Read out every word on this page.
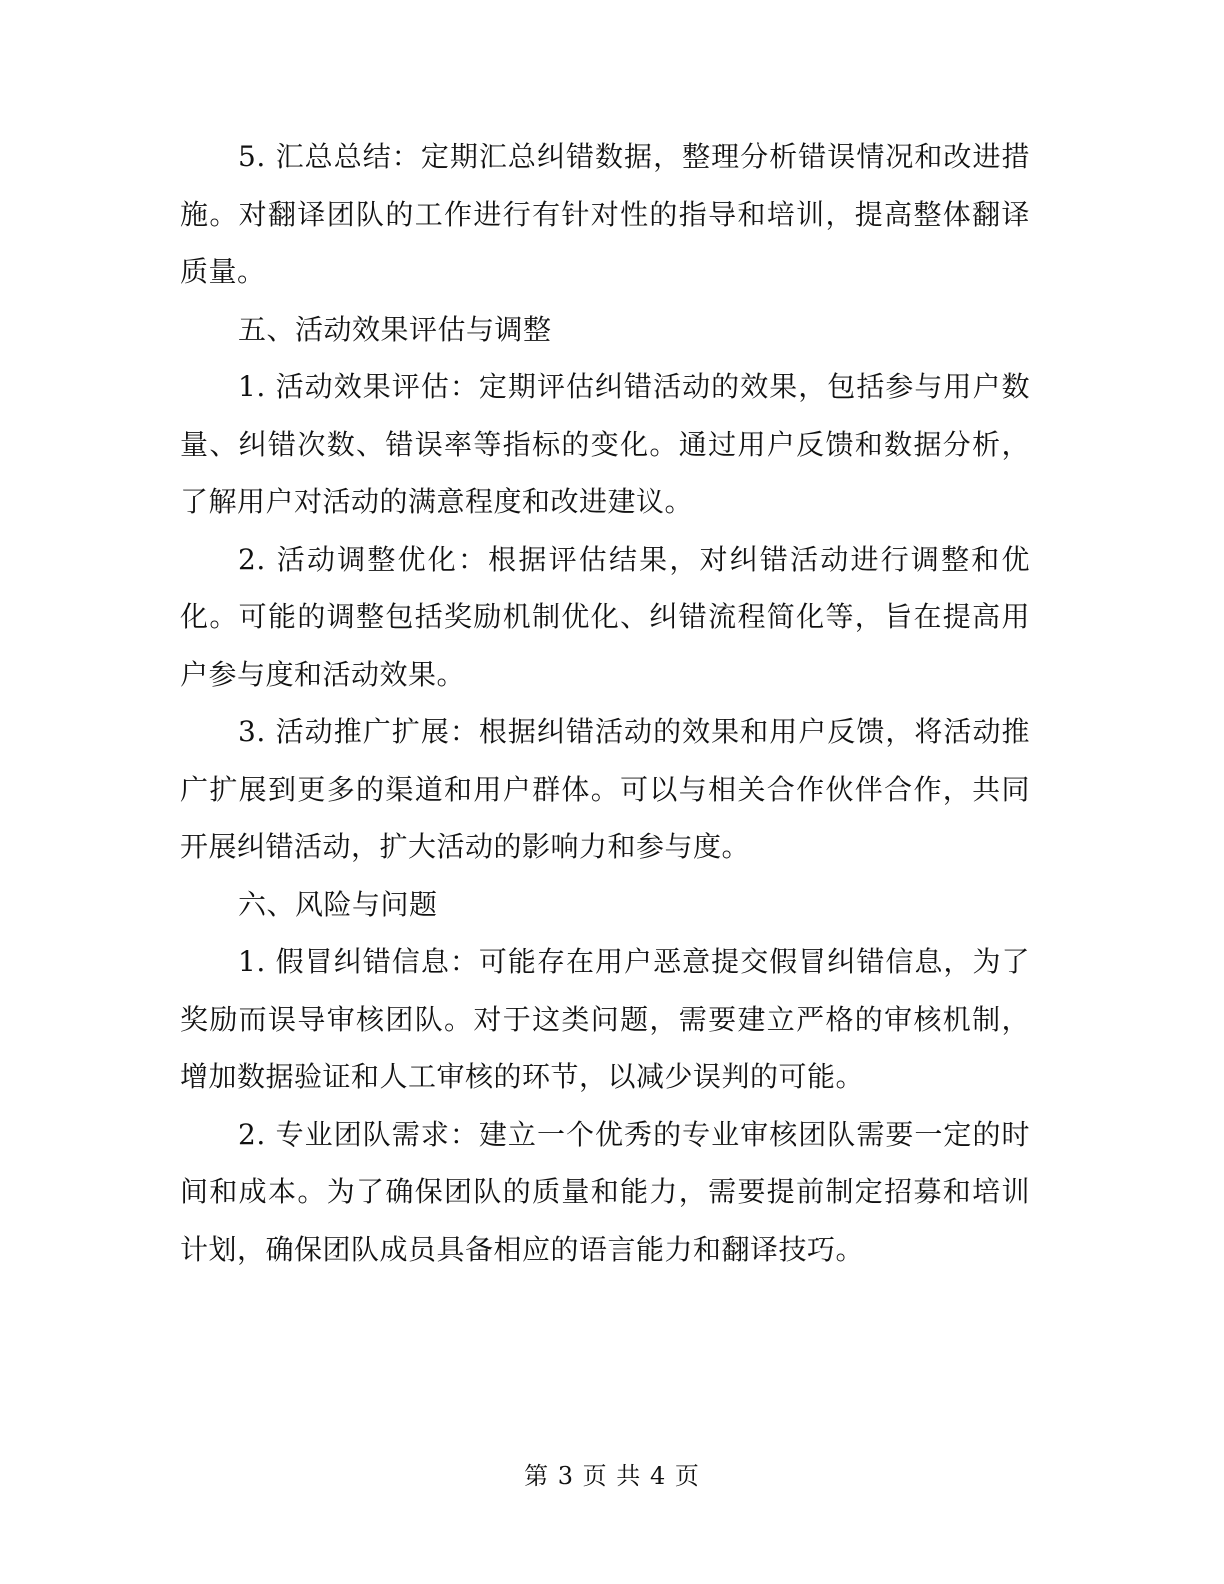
5. 汇总总结：定期汇总纠错数据，整理分析错误情况和改进措施。对翻译团队的工作进行有针对性的指导和培训，提高整体翻译质量。

五、活动效果评估与调整

1. 活动效果评估：定期评估纠错活动的效果，包括参与用户数量、纠错次数、错误率等指标的变化。通过用户反馈和数据分析，了解用户对活动的满意程度和改进建议。

2. 活动调整优化：根据评估结果，对纠错活动进行调整和优化。可能的调整包括奖励机制优化、纠错流程简化等，旨在提高用户参与度和活动效果。

3. 活动推广扩展：根据纠错活动的效果和用户反馈，将活动推广扩展到更多的渠道和用户群体。可以与相关合作伙伴合作，共同开展纠错活动，扩大活动的影响力和参与度。

六、风险与问题

1. 假冒纠错信息：可能存在用户恶意提交假冒纠错信息，为了奖励而误导审核团队。对于这类问题，需要建立严格的审核机制，增加数据验证和人工审核的环节，以减少误判的可能。

2. 专业团队需求：建立一个优秀的专业审核团队需要一定的时间和成本。为了确保团队的质量和能力，需要提前制定招募和培训计划，确保团队成员具备相应的语言能力和翻译技巧。

第 3 页 共 4 页
